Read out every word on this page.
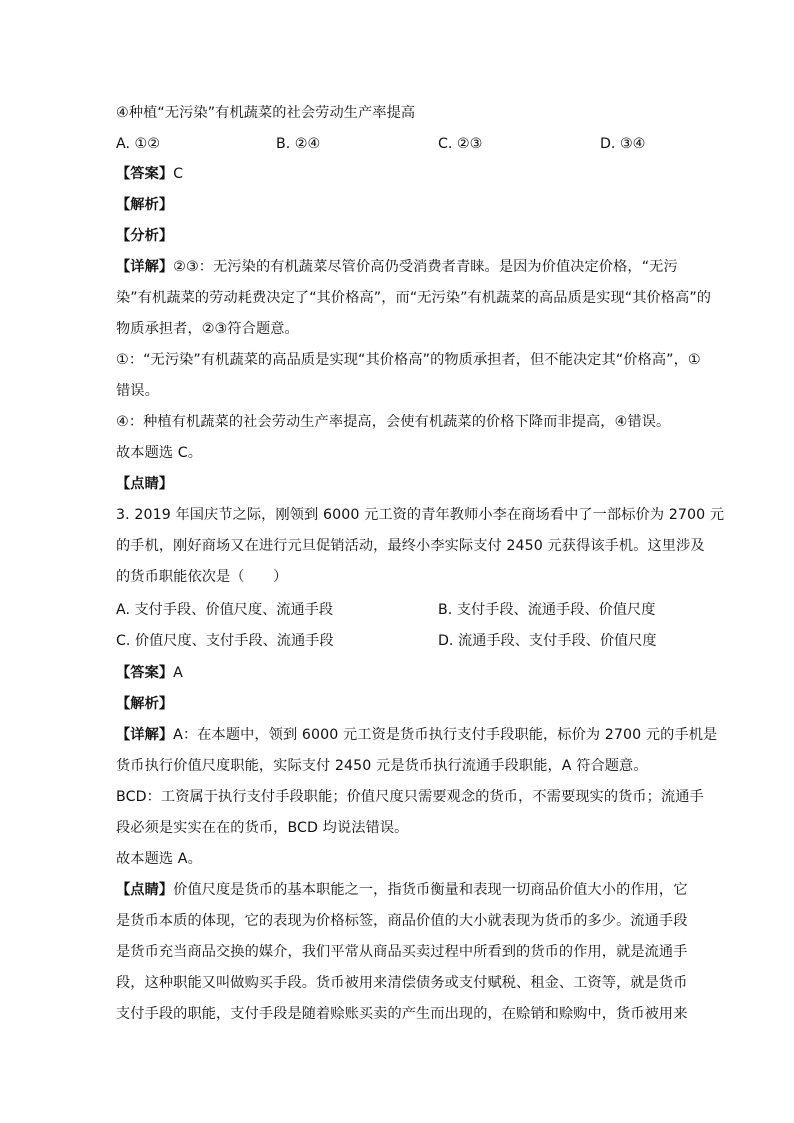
④种植“无污染”有机蔬菜的社会劳动生产率提高
A. ①②	B. ②④	C. ②③	D. ③④
【答案】C
【解析】
【分析】
【详解】②③：无污染的有机蔬菜尽管价高仍受消费者青睐。是因为价值决定价格，“无污
染”有机蔬菜的劳动耗费决定了“其价格高”，而“无污染”有机蔬菜的高品质是实现“其价格高”的
物质承担者，②③符合题意。
①：“无污染”有机蔬菜的高品质是实现“其价格高”的物质承担者，但不能决定其“价格高”，①
错误。
④：种植有机蔬菜的社会劳动生产率提高，会使有机蔬菜的价格下降而非提高，④错误。
故本题选 C。
【点睛】
3. 2019 年国庆节之际，刚领到 6000 元工资的青年教师小李在商场看中了一部标价为 2700 元
的手机，刚好商场又在进行元旦促销活动，最终小李实际支付 2450 元获得该手机。这里涉及
的货币职能依次是（　　）
A. 支付手段、价值尺度、流通手段	B. 支付手段、流通手段、价值尺度
C. 价值尺度、支付手段、流通手段	D. 流通手段、支付手段、价值尺度
【答案】A
【解析】
【详解】A：在本题中，领到 6000 元工资是货币执行支付手段职能，标价为 2700 元的手机是
货币执行价值尺度职能，实际支付 2450 元是货币执行流通手段职能，A 符合题意。
BCD：工资属于执行支付手段职能；价值尺度只需要观念的货币，不需要现实的货币；流通手
段必须是实实在在的货币，BCD 均说法错误。
故本题选 A。
【点睛】价值尺度是货币的基本职能之一，指货币衡量和表现一切商品价值大小的作用，它
是货币本质的体现，它的表现为价格标签，商品价值的大小就表现为货币的多少。流通手段
是货币充当商品交换的媒介，我们平常从商品买卖过程中所看到的货币的作用，就是流通手
段，这种职能又叫做购买手段。货币被用来清偿债务或支付赋税、租金、工资等，就是货币
支付手段的职能，支付手段是随着赊账买卖的产生而出现的，在赊销和赊购中，货币被用来
